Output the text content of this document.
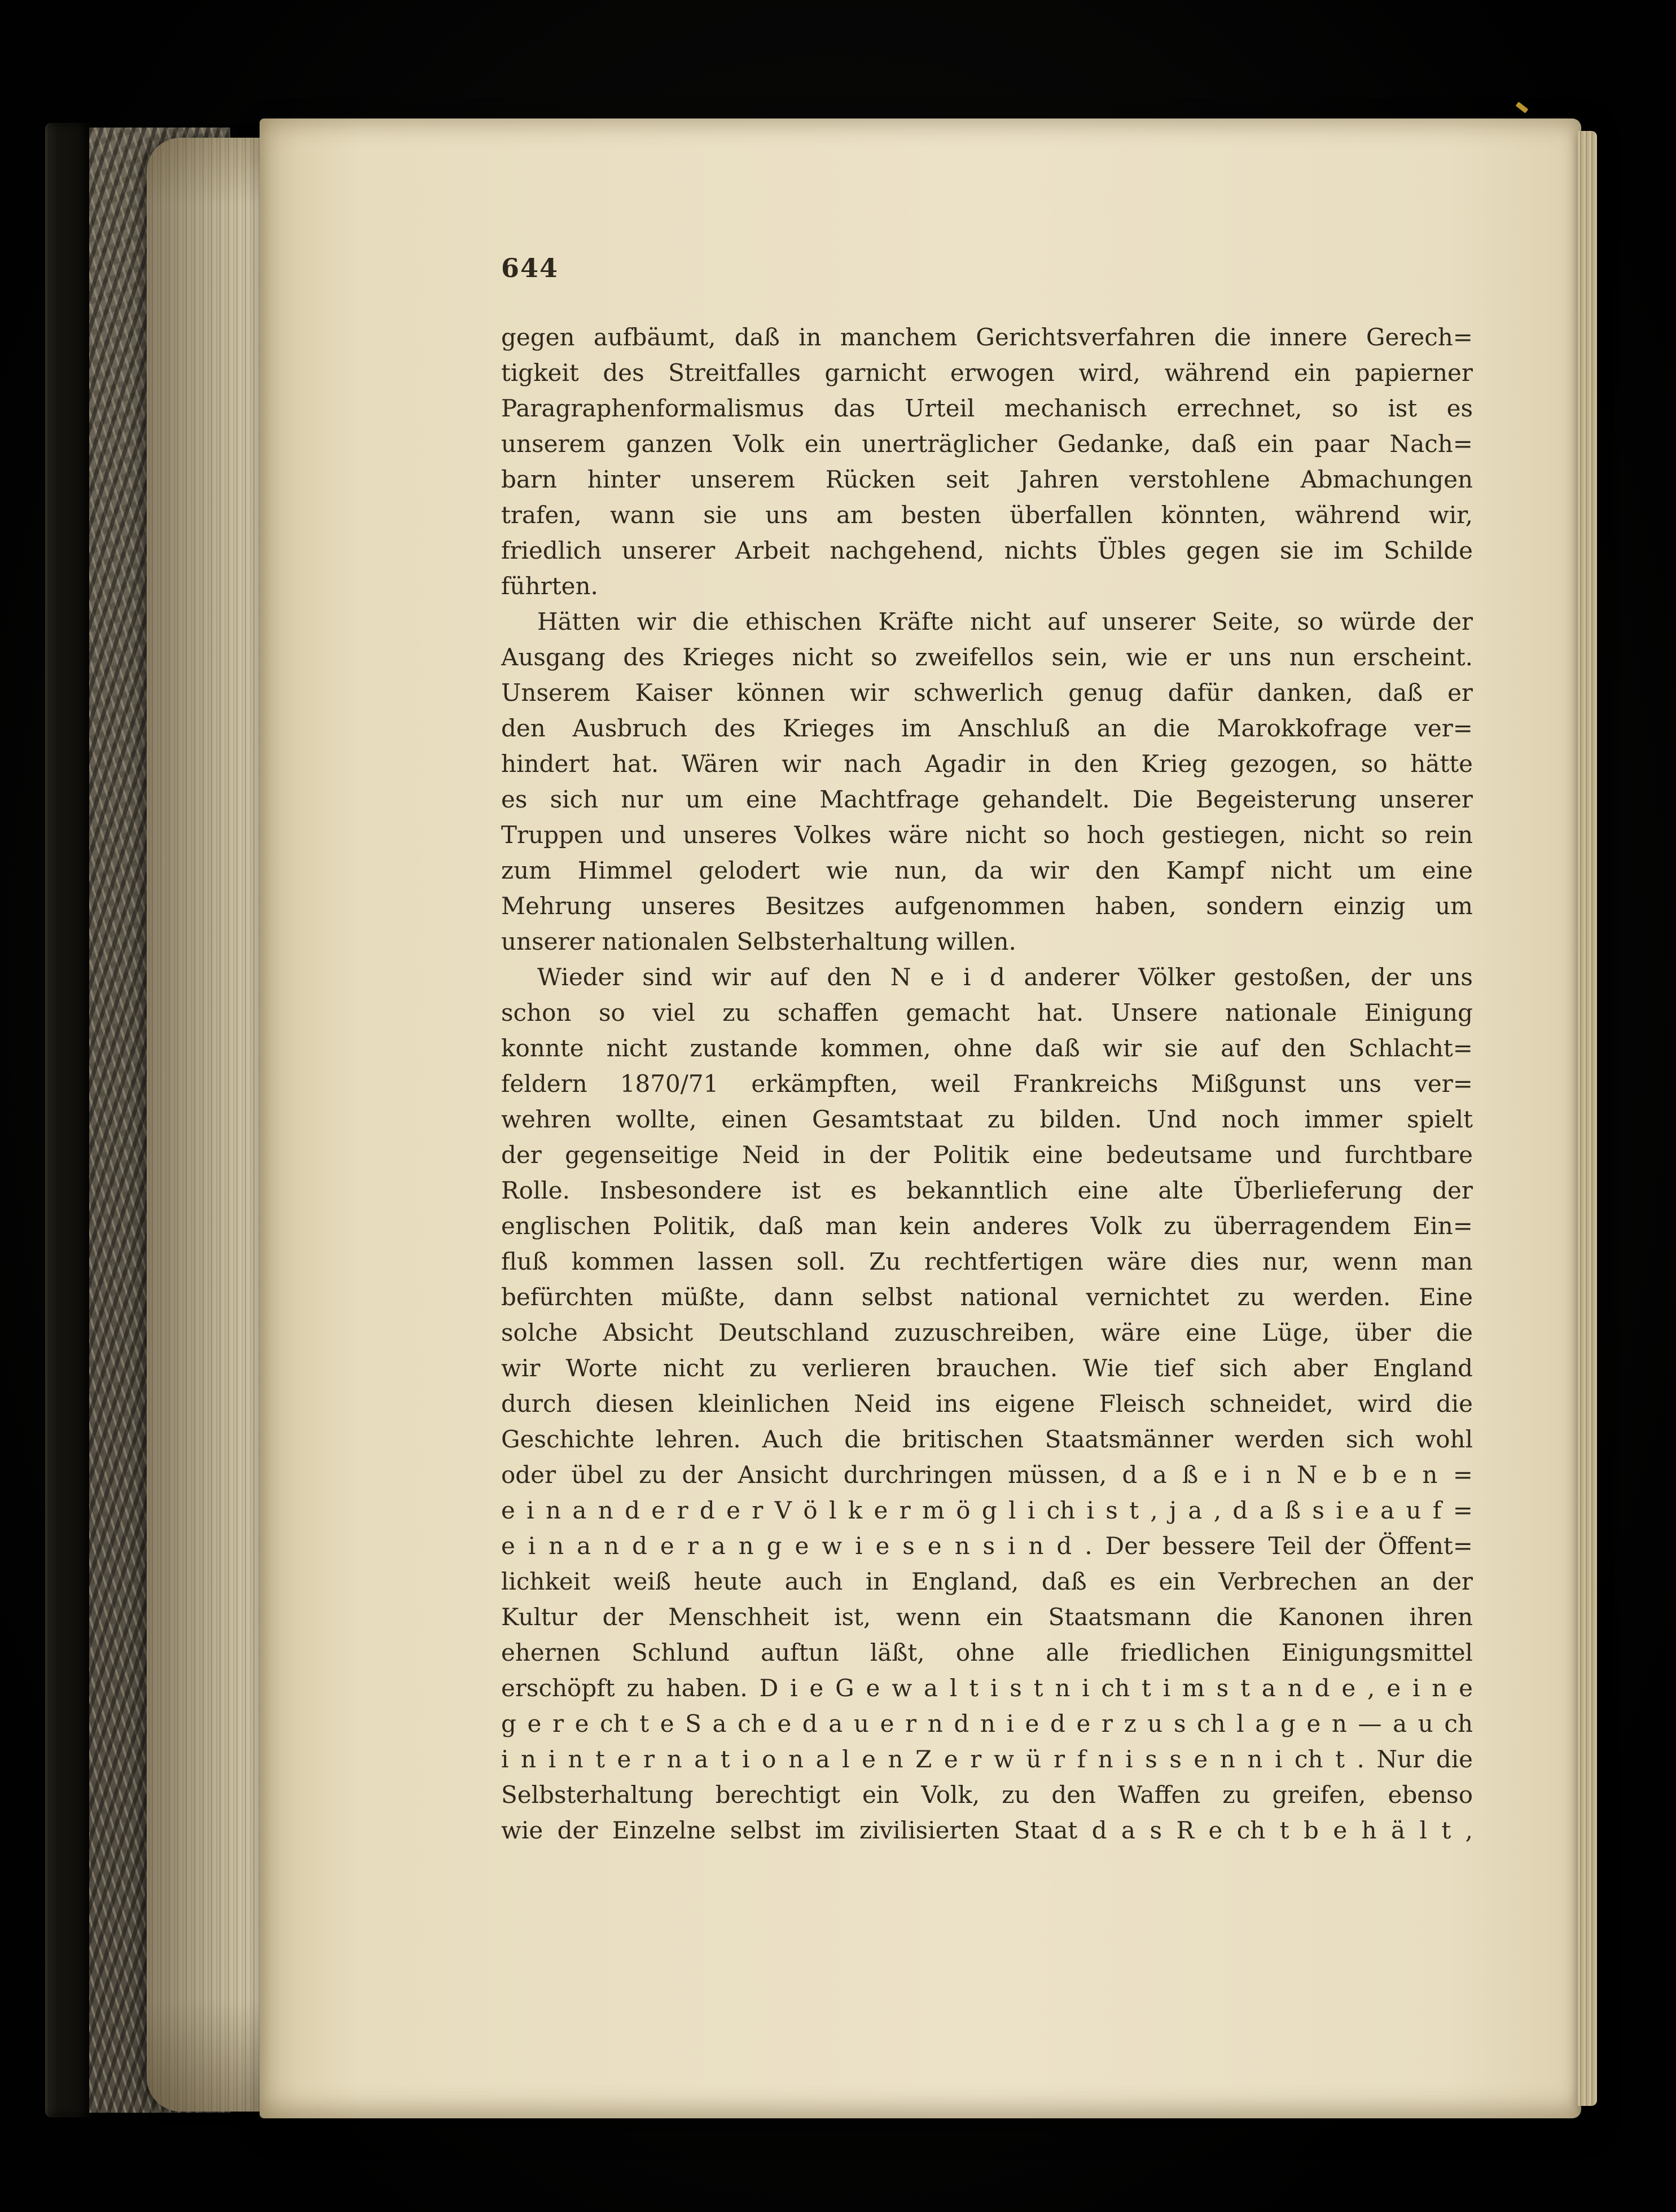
644
gegen aufbäumt, daß in manchem Gerichtsverfahren die innere Gerech=
tigkeit des Streitfalles garnicht erwogen wird, während ein papierner
Paragraphenformalismus das Urteil mechanisch errechnet, so ist es
unserem ganzen Volk ein unerträglicher Gedanke, daß ein paar Nach=
barn hinter unserem Rücken seit Jahren verstohlene Abmachungen
trafen, wann sie uns am besten überfallen könnten, während wir,
friedlich unserer Arbeit nachgehend, nichts Übles gegen sie im Schilde
führten.
Hätten wir die ethischen Kräfte nicht auf unserer Seite, so würde der
Ausgang des Krieges nicht so zweifellos sein, wie er uns nun erscheint.
Unserem Kaiser können wir schwerlich genug dafür danken, daß er
den Ausbruch des Krieges im Anschluß an die Marokkofrage ver=
hindert hat. Wären wir nach Agadir in den Krieg gezogen, so hätte
es sich nur um eine Machtfrage gehandelt. Die Begeisterung unserer
Truppen und unseres Volkes wäre nicht so hoch gestiegen, nicht so rein
zum Himmel gelodert wie nun, da wir den Kampf nicht um eine
Mehrung unseres Besitzes aufgenommen haben, sondern einzig um
unserer nationalen Selbsterhaltung willen.
Wieder sind wir auf den N e i d anderer Völker gestoßen, der uns
schon so viel zu schaffen gemacht hat. Unsere nationale Einigung
konnte nicht zustande kommen, ohne daß wir sie auf den Schlacht=
feldern 1870/71 erkämpften, weil Frankreichs Mißgunst uns ver=
wehren wollte, einen Gesamtstaat zu bilden. Und noch immer spielt
der gegenseitige Neid in der Politik eine bedeutsame und furchtbare
Rolle. Insbesondere ist es bekanntlich eine alte Überlieferung der
englischen Politik, daß man kein anderes Volk zu überragendem Ein=
fluß kommen lassen soll. Zu rechtfertigen wäre dies nur, wenn man
befürchten müßte, dann selbst national vernichtet zu werden. Eine
solche Absicht Deutschland zuzuschreiben, wäre eine Lüge, über die
wir Worte nicht zu verlieren brauchen. Wie tief sich aber England
durch diesen kleinlichen Neid ins eigene Fleisch schneidet, wird die
Geschichte lehren. Auch die britischen Staatsmänner werden sich wohl
oder übel zu der Ansicht durchringen müssen, d a ß e i n N e b e n =
e i n a n d e r d e r V ö l k e r m ö g l i ch i s t , j a , d a ß s i e a u f =
e i n a n d e r a n g e w i e s e n s i n d . Der bessere Teil der Öffent=
lichkeit weiß heute auch in England, daß es ein Verbrechen an der
Kultur der Menschheit ist, wenn ein Staatsmann die Kanonen ihren
ehernen Schlund auftun läßt, ohne alle friedlichen Einigungsmittel
erschöpft zu haben. D i e G e w a l t i s t n i ch t i m s t a n d e , e i n e
g e r e ch t e S a ch e d a u e r n d n i e d e r z u s ch l a g e n — a u ch
i n i n t e r n a t i o n a l e n Z e r w ü r f n i s s e n n i ch t . Nur die
Selbsterhaltung berechtigt ein Volk, zu den Waffen zu greifen, ebenso
wie der Einzelne selbst im zivilisierten Staat d a s R e ch t b e h ä l t ,
